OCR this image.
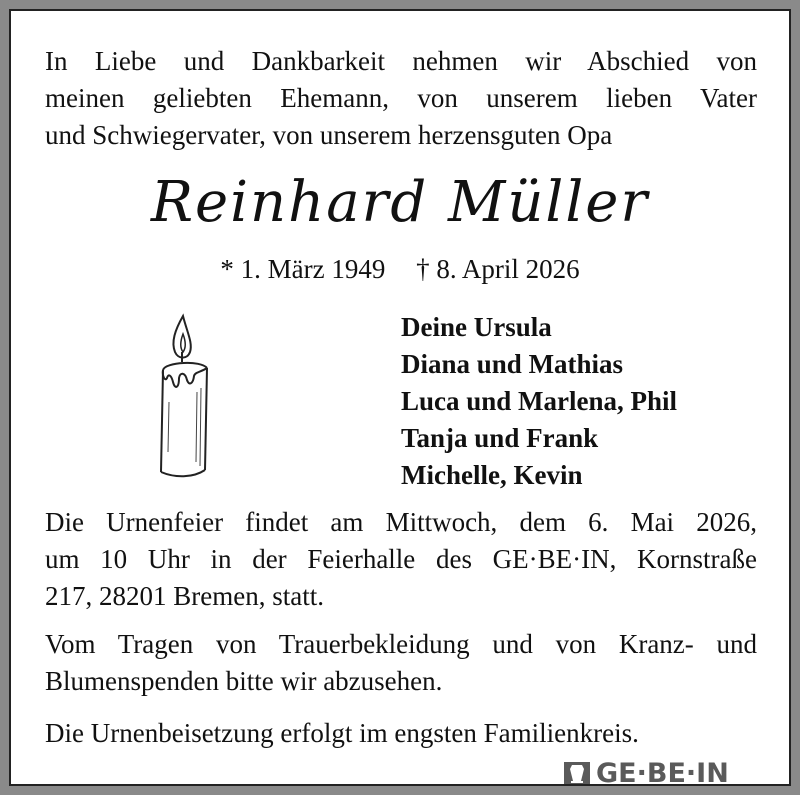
In Liebe und Dankbarkeit nehmen wir Abschied von
meinen geliebten Ehemann, von unserem lieben Vater
und Schwiegervater, von unserem herzensguten Opa
Reinhard Müller
* 1. März 1949 † 8. April 2026
Deine Ursula
Diana und Mathias
Luca und Marlena, Phil
Tanja und Frank
Michelle, Kevin
Die Urnenfeier findet am Mittwoch, dem 6. Mai 2026,
um 10 Uhr in der Feierhalle des GE·BE·IN, Kornstraße
217, 28201 Bremen, statt.
Vom Tragen von Trauerbekleidung und von Kranz- und
Blumenspenden bitte wir abzusehen.
Die Urnenbeisetzung erfolgt im engsten Familienkreis.
GE·BE·IN
